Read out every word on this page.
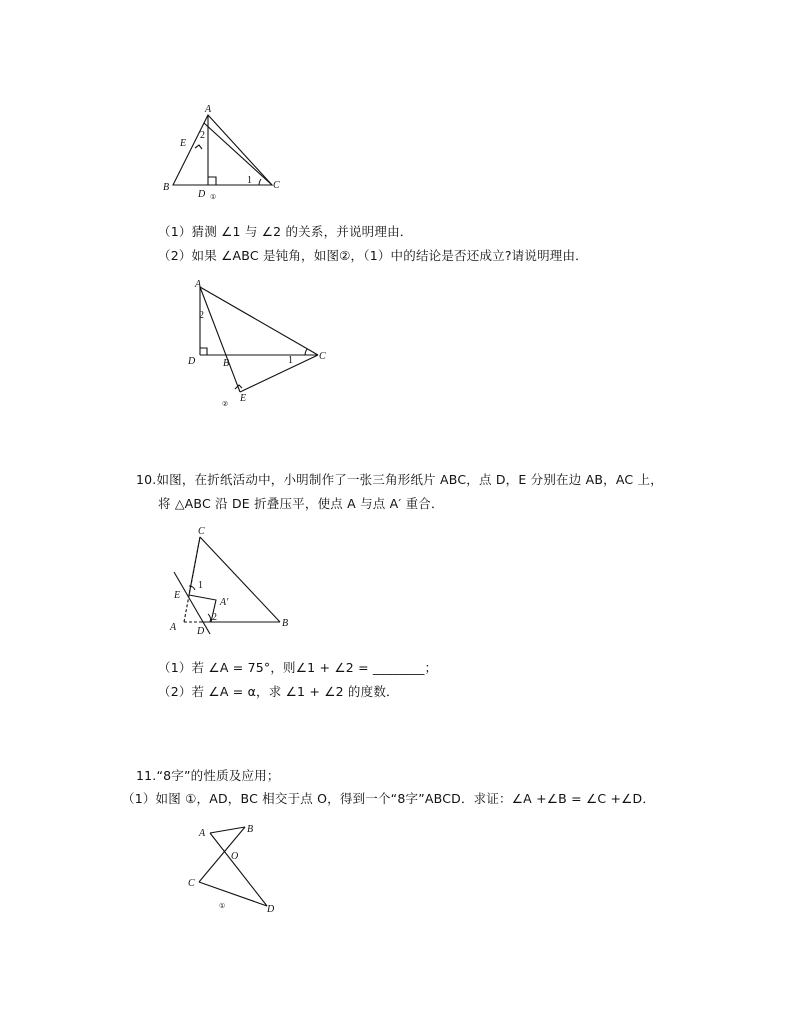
A
B	C
D
E
1
2
①
（1）猜测 ∠1 与 ∠2 的关系，并说明理由．
（2）如果 ∠ABC 是钝角，如图②，（1）中的结论是否还成立?请说明理由．
A
B
C
D
E
1
2
②
10.如图，在折纸活动中，小明制作了一张三角形纸片 ABC，点 D，E 分别在边 AB，AC 上，
将 △ABC 沿 DE 折叠压平，使点 A 与点 A′ 重合．
C
B
A D
E
A′
1
2
（1）若 ∠A = 75°，则∠1 + ∠2 = ________；
（2）若 ∠A = α，求 ∠1 + ∠2 的度数．
11.“8字”的性质及应用；
（1）如图 ①，AD，BC 相交于点 O，得到一个“8字”ABCD．求证：∠A +∠B = ∠C +∠D．
A	B
C
D
O
①
